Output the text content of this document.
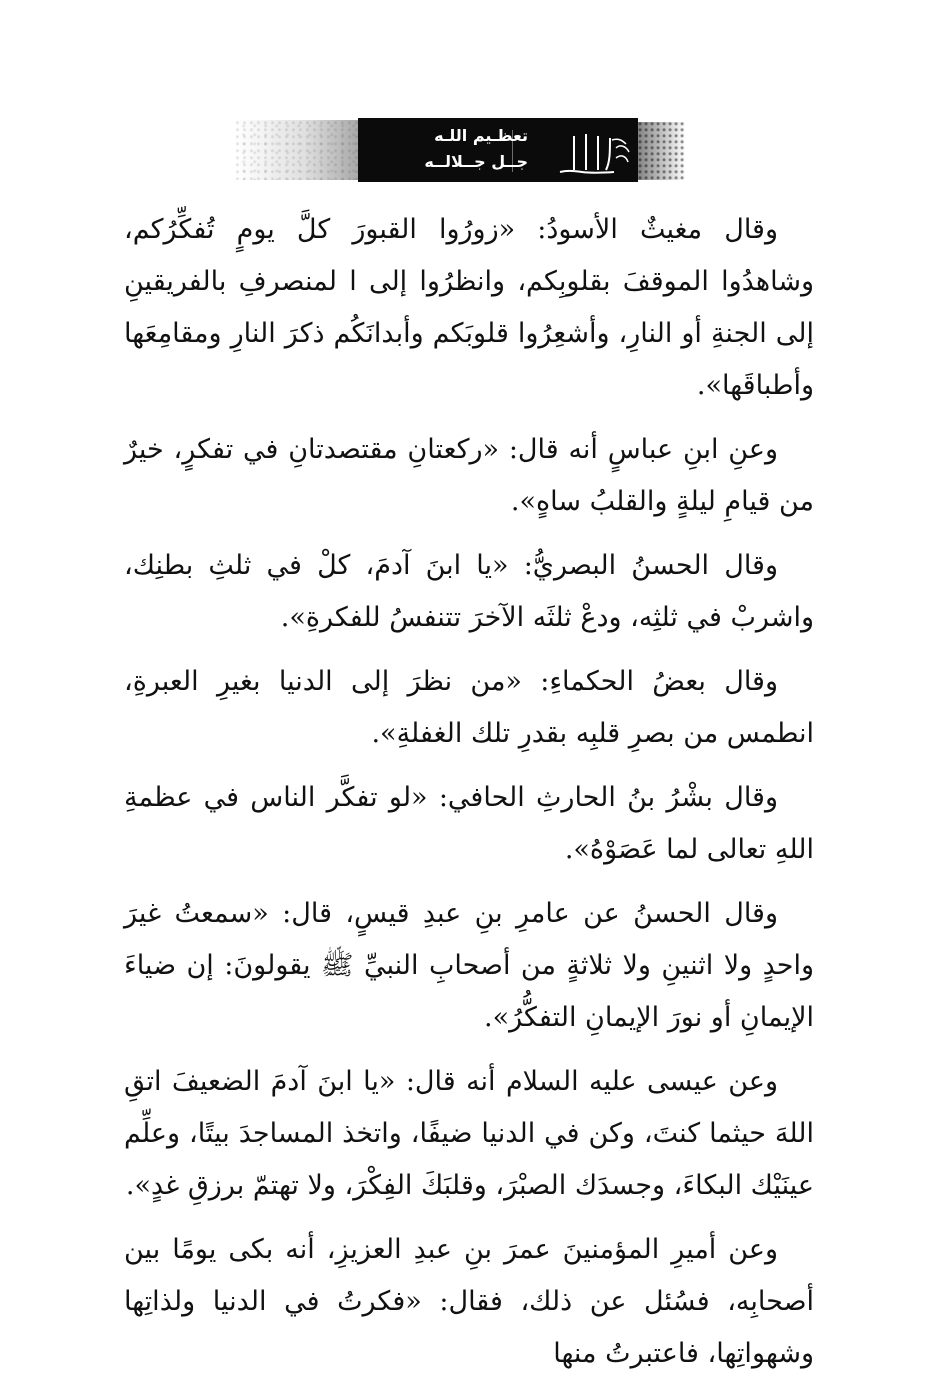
تعظـيم اللـه
جــل جــلالــه

وقال مغيثٌ الأسودُ: «زورُوا القبورَ كلَّ يومٍ تُفكِّرُكم، وشاهدُوا الموقفَ بقلوبِكم، وانظرُوا إلى ا لمنصرفِ بالفريقينِ إلى الجنةِ أو النارِ، وأشعِرُوا قلوبَكم وأبدانَكُم ذكرَ النارِ ومقامِعَها وأطباقَها».

وعنِ ابنِ عباسٍ أنه قال: «ركعتانِ مقتصدتانِ في تفكرٍ، خيرٌ من قيامِ ليلةٍ والقلبُ ساهٍ».

وقال الحسنُ البصريُّ: «يا ابنَ آدمَ، كلْ في ثلثِ بطنِك، واشربْ في ثلثِه، ودعْ ثلثَه الآخرَ تتنفسُ للفكرةِ».

وقال بعضُ الحكماءِ: «من نظرَ إلى الدنيا بغيرِ العبرةِ، انطمس من بصرِ قلبِه بقدرِ تلك الغفلةِ».

وقال بشْرُ بنُ الحارثِ الحافي: «لو تفكَّر الناس في عظمةِ اللهِ تعالى لما عَصَوْهُ».

وقال الحسنُ عن عامرِ بنِ عبدِ قيسٍ، قال: «سمعتُ غيرَ واحدٍ ولا اثنينِ ولا ثلاثةٍ من أصحابِ النبيِّ ﷺ يقولونَ: إن ضياءَ الإيمانِ أو نورَ الإيمانِ التفكُّرُ».

وعن عيسى عليه السلام أنه قال: «يا ابنَ آدمَ الضعيفَ اتقِ اللهَ حيثما كنتَ، وكن في الدنيا ضيفًا، واتخذ المساجدَ بيتًا، وعلِّم عينَيْك البكاءَ، وجسدَك الصبْرَ، وقلبَكَ الفِكْرَ، ولا تهتمّ برزقِ غدٍ».

وعن أميرِ المؤمنينَ عمرَ بنِ عبدِ العزيزِ، أنه بكى يومًا بين أصحابِه، فسُئل عن ذلك، فقال: «فكرتُ في الدنيا ولذاتِها وشهواتِها، فاعتبرتُ منها
